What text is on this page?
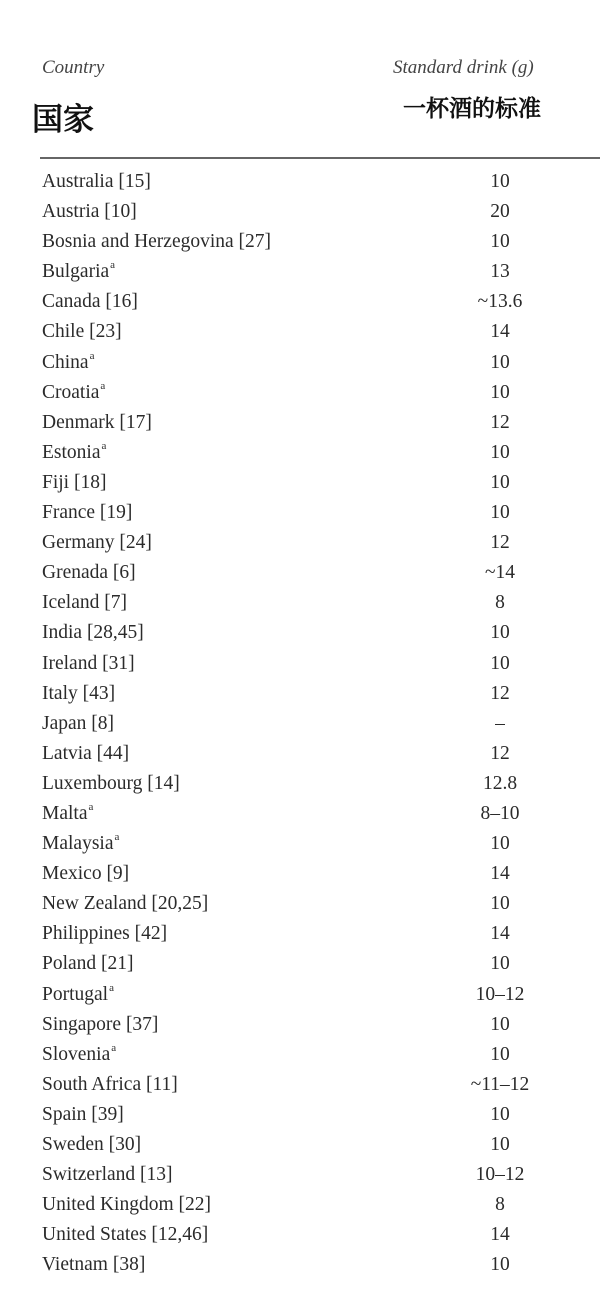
Country	Standard drink (g)
国家	一杯酒的标准
Australia [15]	10
Austria [10]	20
Bosnia and Herzegovina [27]	10
Bulgaria$^a$	13
Canada [16]	~13.6
Chile [23]	14
China$^a$	10
Croatia$^a$	10
Denmark [17]	12
Estonia$^a$	10
Fiji [18]	10
France [19]	10
Germany [24]	12
Grenada [6]	~14
Iceland [7]	8
India [28,45]	10
Ireland [31]	10
Italy [43]	12
Japan [8]	–
Latvia [44]	12
Luxembourg [14]	12.8
Malta$^a$	8–10
Malaysia$^a$	10
Mexico [9]	14
New Zealand [20,25]	10
Philippines [42]	14
Poland [21]	10
Portugal$^a$	10–12
Singapore [37]	10
Slovenia$^a$	10
South Africa [11]	~11–12
Spain [39]	10
Sweden [30]	10
Switzerland [13]	10–12
United Kingdom [22]	8
United States [12,46]	14
Vietnam [38]	10
